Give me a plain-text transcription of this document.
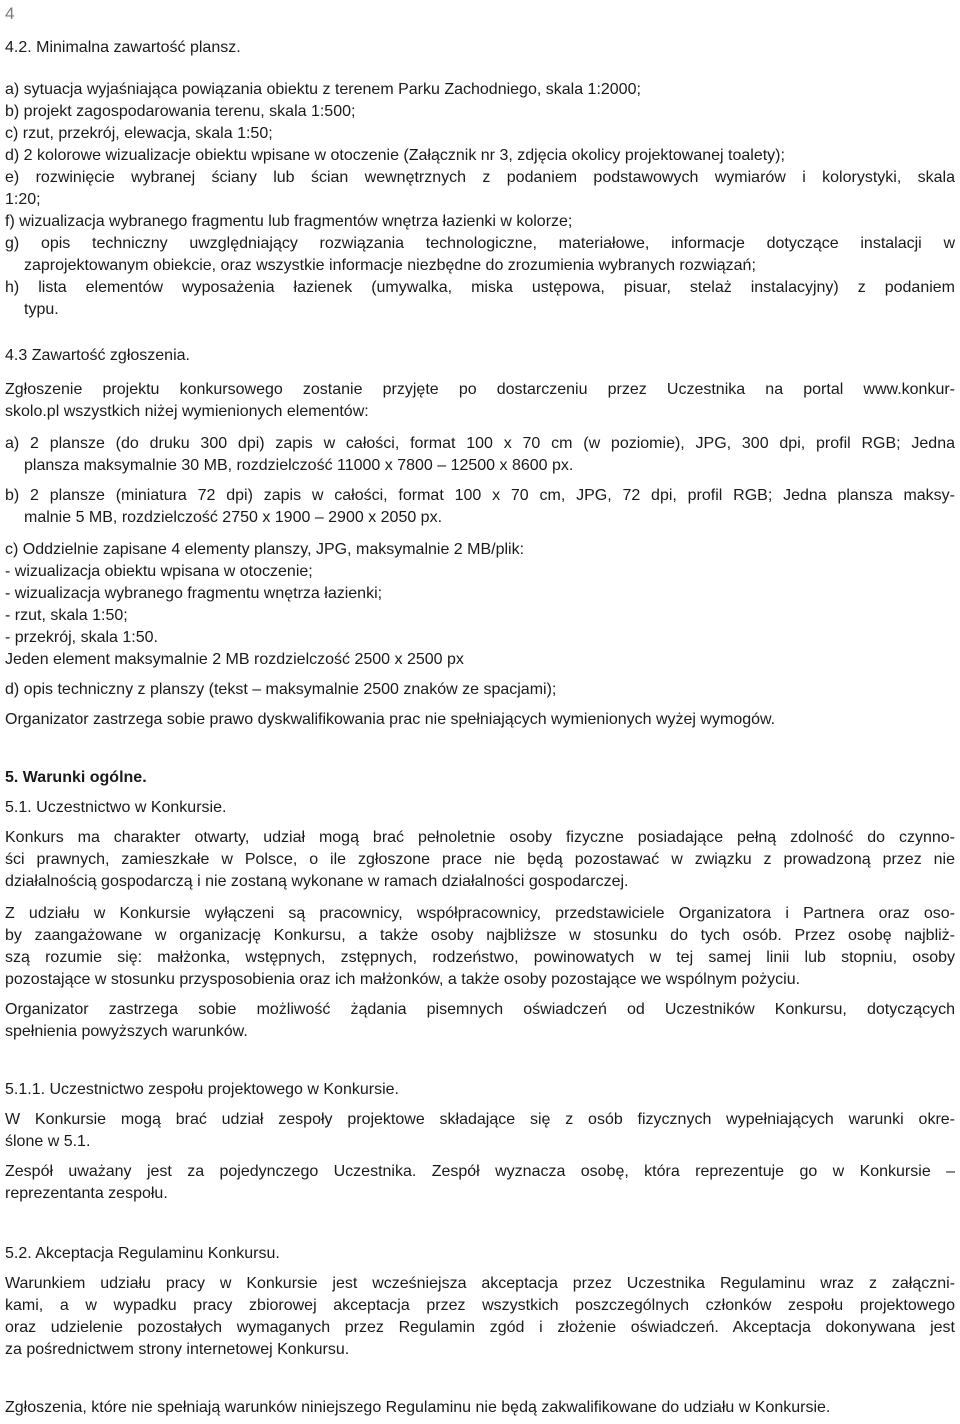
4
4.2. Minimalna zawartość plansz.
a) sytuacja wyjaśniająca powiązania obiektu z terenem Parku Zachodniego, skala 1:2000;
b) projekt zagospodarowania terenu, skala 1:500;
c) rzut, przekrój, elewacja, skala 1:50;
d) 2 kolorowe wizualizacje obiektu wpisane w otoczenie (Załącznik nr 3, zdjęcia okolicy projektowanej toalety);
e) rozwinięcie wybranej ściany lub ścian wewnętrznych z podaniem podstawowych wymiarów i kolorystyki, skala
1:20;
f) wizualizacja wybranego fragmentu lub fragmentów wnętrza łazienki w kolorze;
g) opis techniczny uwzględniający rozwiązania technologiczne, materiałowe, informacje dotyczące instalacji w
zaprojektowanym obiekcie, oraz wszystkie informacje niezbędne do zrozumienia wybranych rozwiązań;
h) lista elementów wyposażenia łazienek (umywalka, miska ustępowa, pisuar, stelaż instalacyjny) z podaniem
typu.
4.3 Zawartość zgłoszenia.
Zgłoszenie projektu konkursowego zostanie przyjęte po dostarczeniu przez Uczestnika na portal www.konkur-
skolo.pl wszystkich niżej wymienionych elementów:
a) 2 plansze (do druku 300 dpi) zapis w całości, format 100 x 70 cm (w poziomie), JPG, 300 dpi, profil RGB; Jedna
plansza maksymalnie 30 MB, rozdzielczość 11000 x 7800 – 12500 x 8600 px.
b) 2 plansze (miniatura 72 dpi) zapis w całości, format 100 x 70 cm, JPG, 72 dpi, profil RGB; Jedna plansza maksy-
malnie 5 MB, rozdzielczość 2750 x 1900 – 2900 x 2050 px.
c) Oddzielnie zapisane 4 elementy planszy, JPG, maksymalnie 2 MB/plik:
- wizualizacja obiektu wpisana w otoczenie;
- wizualizacja wybranego fragmentu wnętrza łazienki;
- rzut, skala 1:50;
- przekrój, skala 1:50.
Jeden element maksymalnie 2 MB rozdzielczość 2500 x 2500 px
d) opis techniczny z planszy (tekst – maksymalnie 2500 znaków ze spacjami);
Organizator zastrzega sobie prawo dyskwalifikowania prac nie spełniających wymienionych wyżej wymogów.
5. Warunki ogólne.
5.1. Uczestnictwo w Konkursie.
Konkurs ma charakter otwarty, udział mogą brać pełnoletnie osoby fizyczne posiadające pełną zdolność do czynno-
ści prawnych, zamieszkałe w Polsce, o ile zgłoszone prace nie będą pozostawać w związku z prowadzoną przez nie
działalnością gospodarczą i nie zostaną wykonane w ramach działalności gospodarczej.
Z udziału w Konkursie wyłączeni są pracownicy, współpracownicy, przedstawiciele Organizatora i Partnera oraz oso-
by zaangażowane w organizację Konkursu, a także osoby najbliższe w stosunku do tych osób. Przez osobę najbliż-
szą rozumie się: małżonka, wstępnych, zstępnych, rodzeństwo, powinowatych w tej samej linii lub stopniu, osoby
pozostające w stosunku przysposobienia oraz ich małżonków, a także osoby pozostające we wspólnym pożyciu.
Organizator zastrzega sobie możliwość żądania pisemnych oświadczeń od Uczestników Konkursu, dotyczących
spełnienia powyższych warunków.
5.1.1. Uczestnictwo zespołu projektowego w Konkursie.
W Konkursie mogą brać udział zespoły projektowe składające się z osób fizycznych wypełniających warunki okre-
ślone w 5.1.
Zespół uważany jest za pojedynczego Uczestnika. Zespół wyznacza osobę, która reprezentuje go w Konkursie –
reprezentanta zespołu.
5.2. Akceptacja Regulaminu Konkursu.
Warunkiem udziału pracy w Konkursie jest wcześniejsza akceptacja przez Uczestnika Regulaminu wraz z załączni-
kami, a w wypadku pracy zbiorowej akceptacja przez wszystkich poszczególnych członków zespołu projektowego
oraz udzielenie pozostałych wymaganych przez Regulamin zgód i złożenie oświadczeń. Akceptacja dokonywana jest
za pośrednictwem strony internetowej Konkursu.
Zgłoszenia, które nie spełniają warunków niniejszego Regulaminu nie będą zakwalifikowane do udziału w Konkursie.
